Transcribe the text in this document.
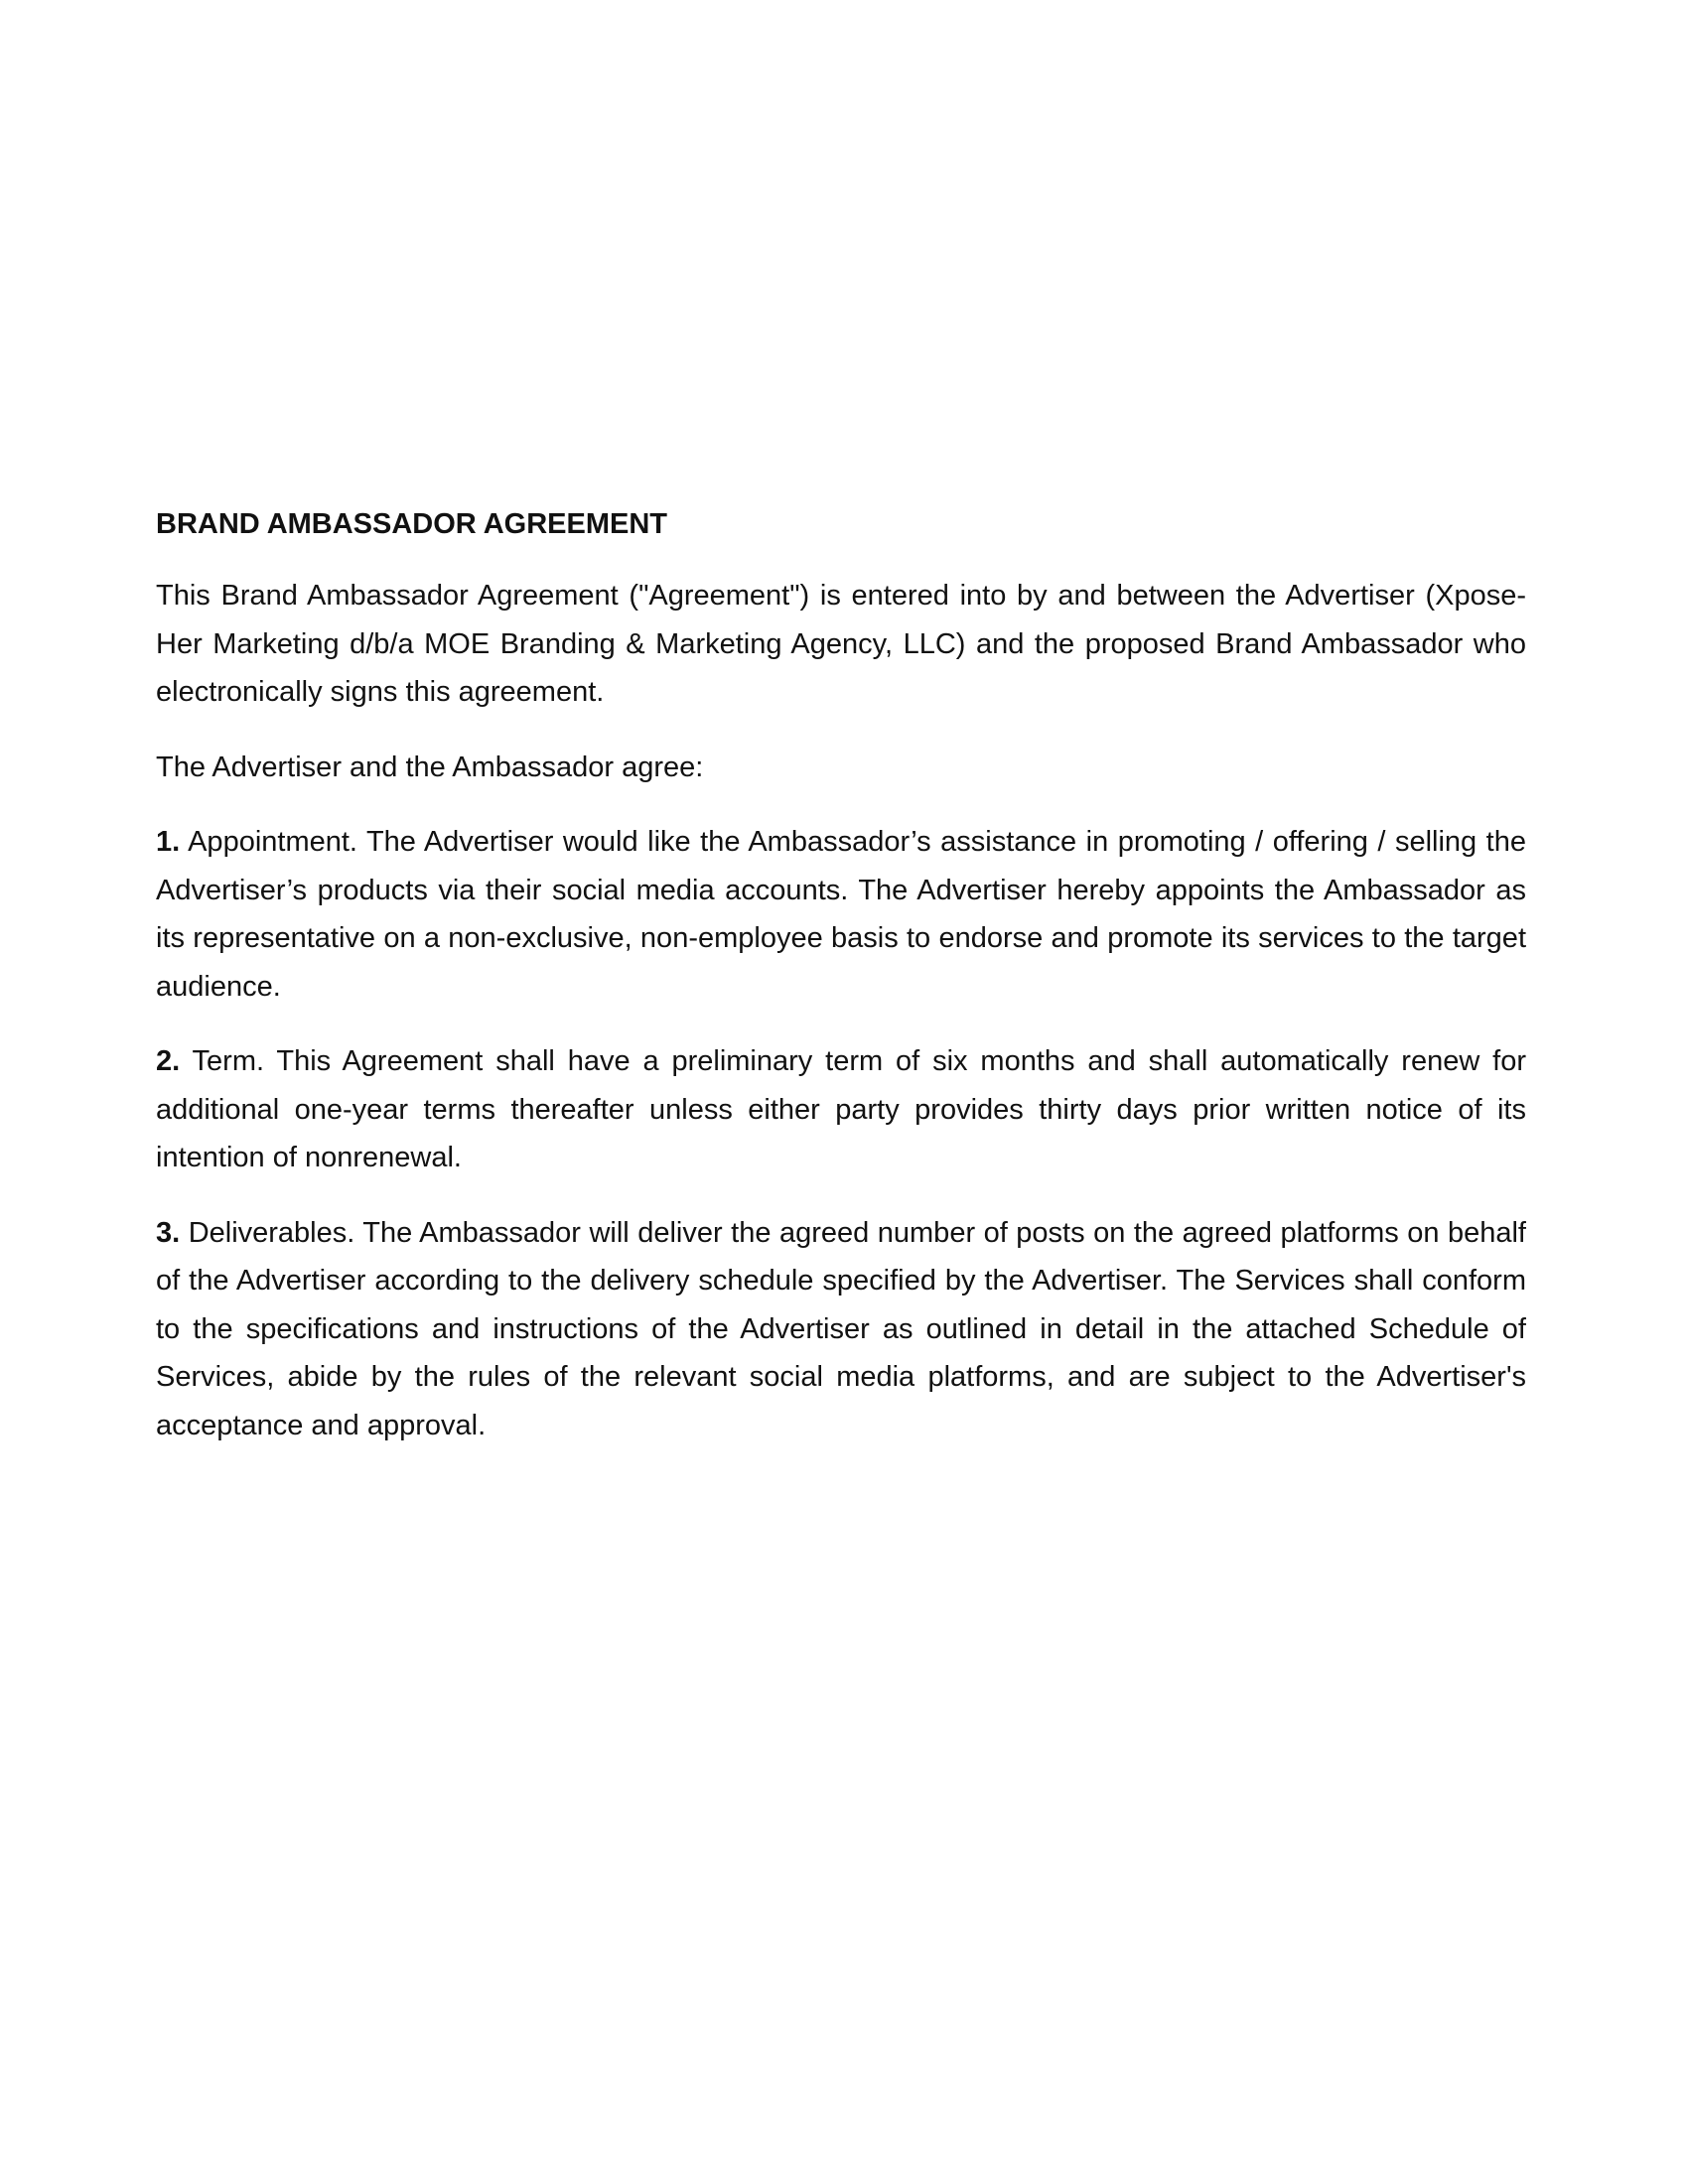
BRAND AMBASSADOR AGREEMENT

This Brand Ambassador Agreement ("Agreement") is entered into by and between the Advertiser (Xpose-Her Marketing d/b/a MOE Branding & Marketing Agency, LLC) and the proposed Brand Ambassador who electronically signs this agreement.

The Advertiser and the Ambassador agree:

1. Appointment. The Advertiser would like the Ambassador’s assistance in promoting / offering / selling the Advertiser’s products via their social media accounts. The Advertiser hereby appoints the Ambassador as its representative on a non-exclusive, non-employee basis to endorse and promote its services to the target audience.

2. Term. This Agreement shall have a preliminary term of six months and shall automatically renew for additional one-year terms thereafter unless either party provides thirty days prior written notice of its intention of nonrenewal.

3. Deliverables. The Ambassador will deliver the agreed number of posts on the agreed platforms on behalf of the Advertiser according to the delivery schedule specified by the Advertiser. The Services shall conform to the specifications and instructions of the Advertiser as outlined in detail in the attached Schedule of Services, abide by the rules of the relevant social media platforms, and are subject to the Advertiser's acceptance and approval.
